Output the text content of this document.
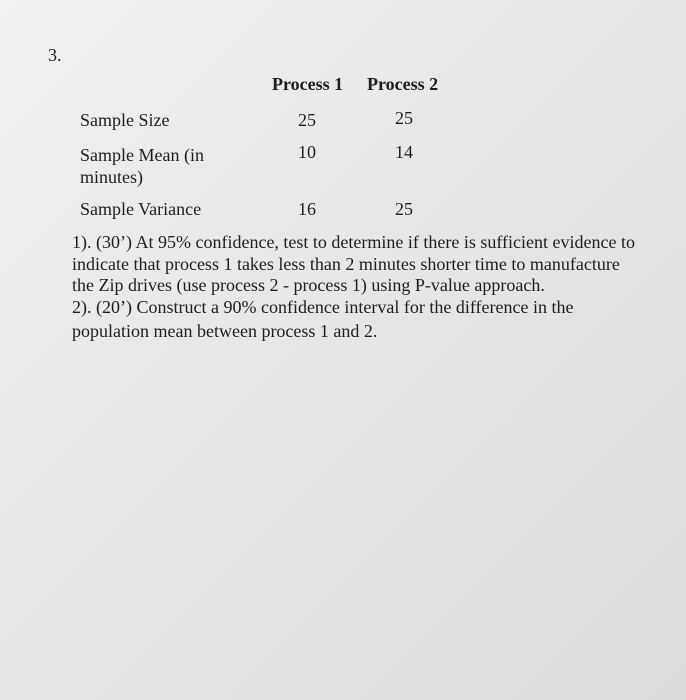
3.
Process 1 Process 2
Sample Size	25	25
Sample Mean (in
minutes)
10	14
Sample Variance	16	25
1). (30’) At 95% confidence, test to determine if there is sufficient evidence to
indicate that process 1 takes less than 2 minutes shorter time to manufacture
the Zip drives (use process 2 - process 1) using P-value approach.
2). (20’) Construct a 90% confidence interval for the difference in the
population mean between process 1 and 2.
